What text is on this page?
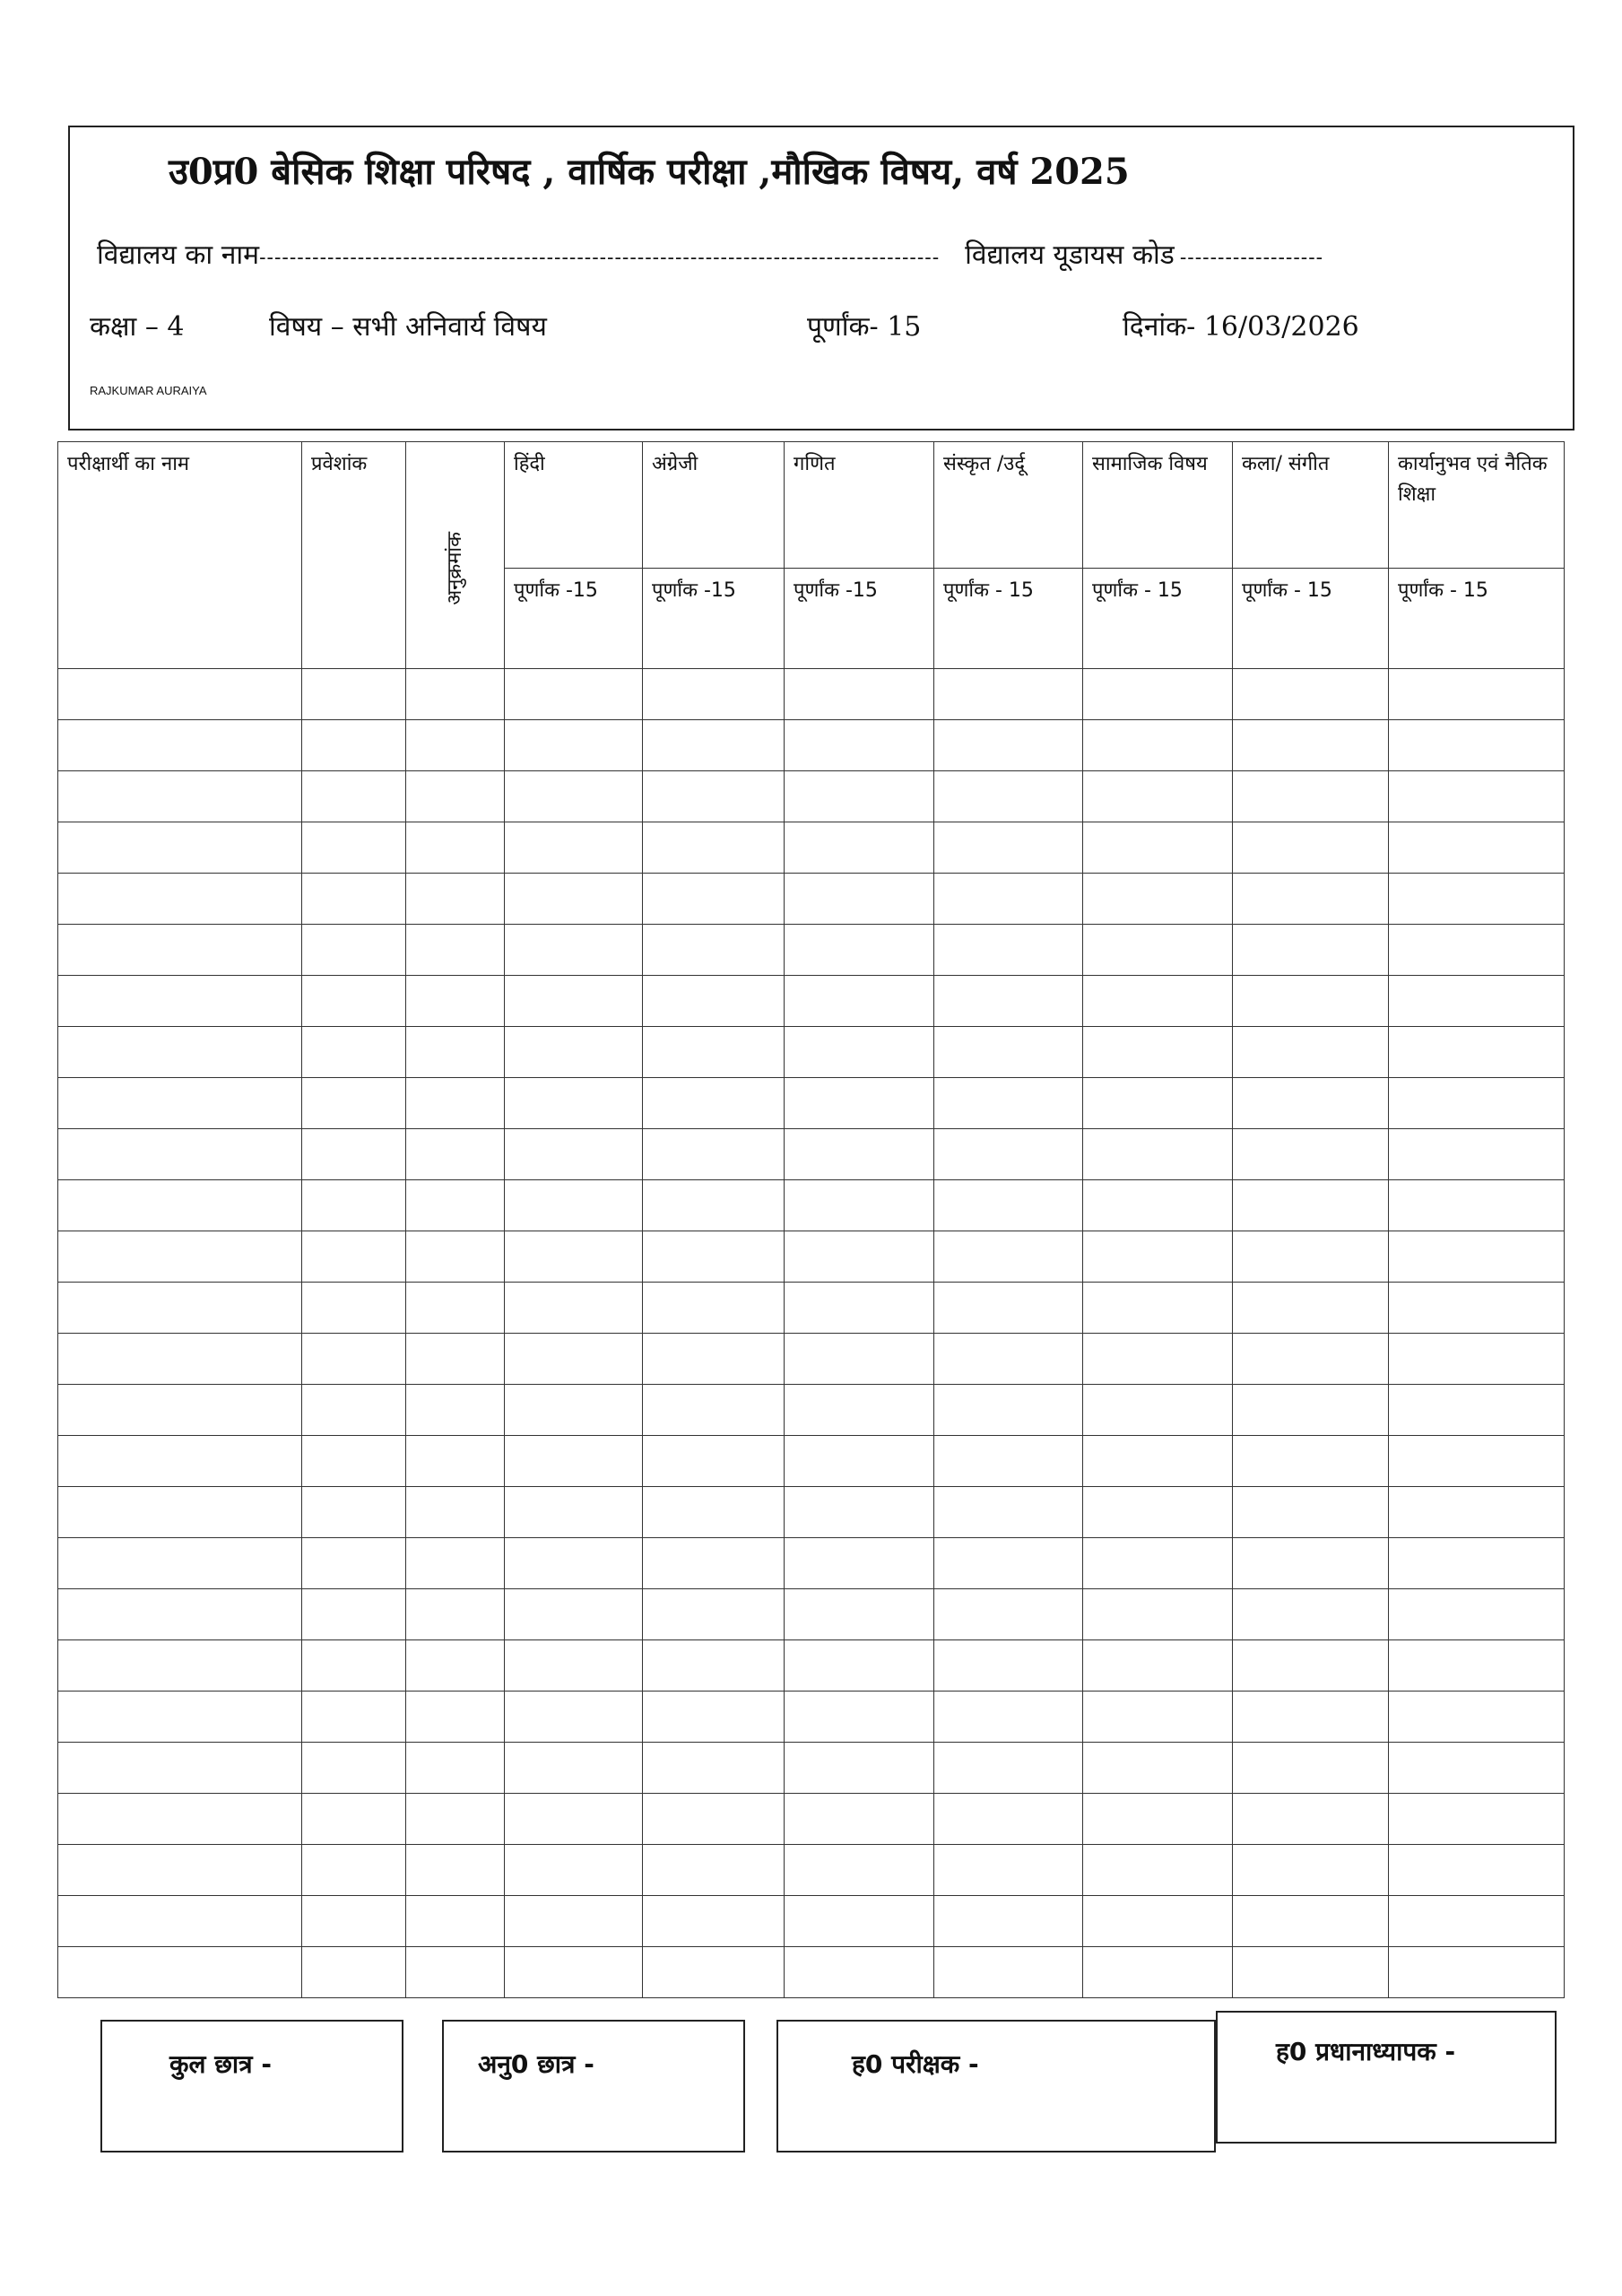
उ0प्र0 बेसिक शिक्षा परिषद , वार्षिक परीक्षा ,मौखिक विषय, वर्ष 2025
विद्यालय का नाम ------------------------------------------------------------------------------------------ विद्यालय यूडायस कोड -------------------
कक्षा – 4	विषय – सभी अनिवार्य विषय	पूर्णांक- 15	दिनांक- 16/03/2026
RAJKUMAR AURAIYA
परीक्षार्थी का नाम	प्रवेशांक	अनुक्रमांक	हिंदी	अंग्रेजी	गणित	संस्कृत /उर्दू	सामाजिक विषय	कला/ संगीत	कार्यानुभव एवं नैतिक शिक्षा
			पूर्णांक -15	पूर्णांक -15	पूर्णांक -15	पूर्णांक - 15	पूर्णांक - 15	पूर्णांक - 15	पूर्णांक - 15

कुल छात्र -	अनु0 छात्र -	ह0 परीक्षक -	ह0 प्रधानाध्यापक -
